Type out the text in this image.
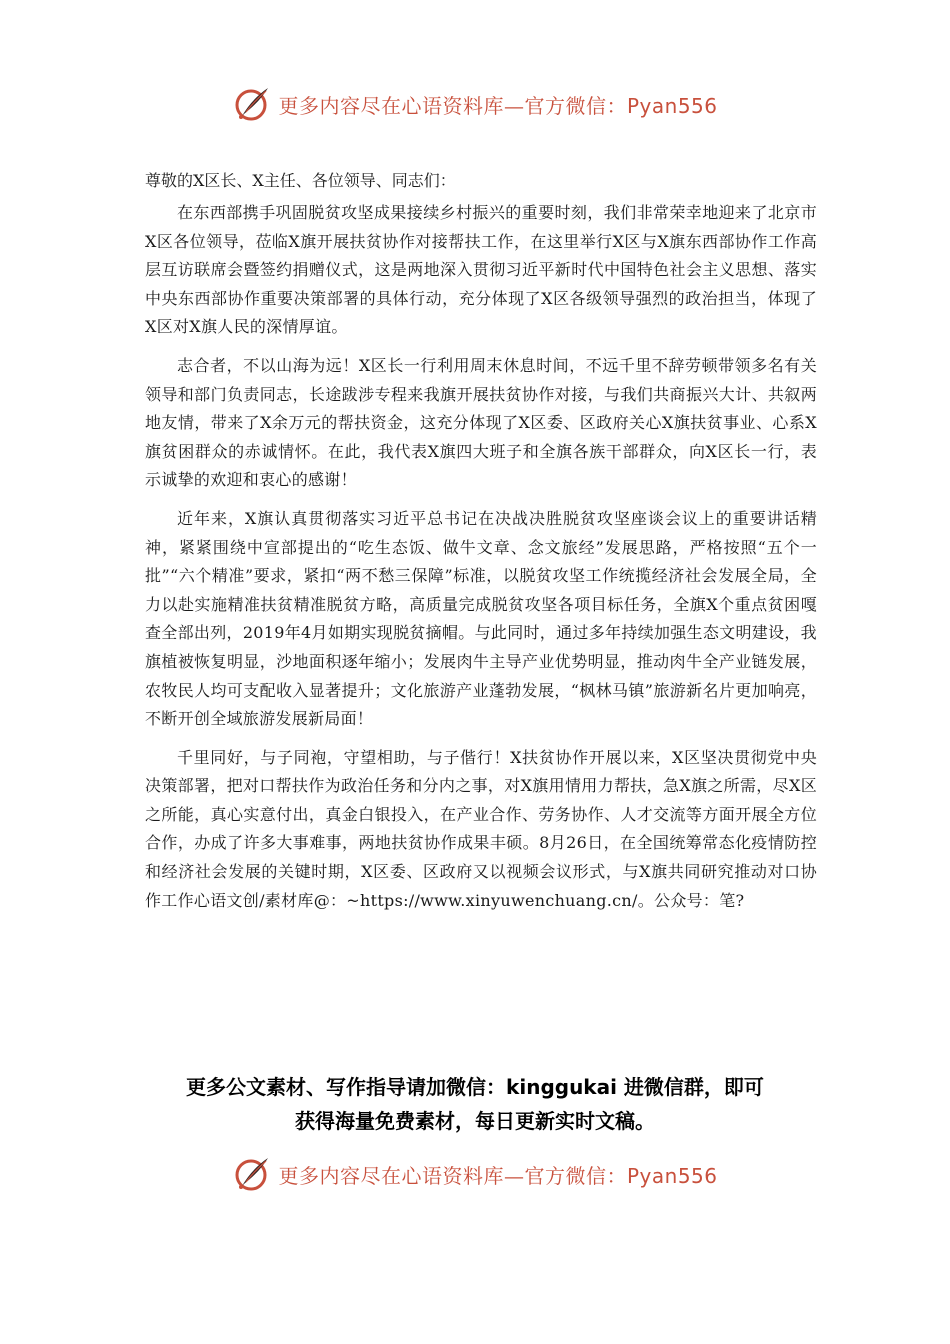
更多内容尽在心语资料库—官方微信：Pyan556

尊敬的X区长、X主任、各位领导、同志们：

在东西部携手巩固脱贫攻坚成果接续乡村振兴的重要时刻，我们非常荣幸地迎来了北京市X区各位领导，莅临X旗开展扶贫协作对接帮扶工作，在这里举行X区与X旗东西部协作工作高层互访联席会暨签约捐赠仪式，这是两地深入贯彻习近平新时代中国特色社会主义思想、落实中央东西部协作重要决策部署的具体行动，充分体现了X区各级领导强烈的政治担当，体现了X区对X旗人民的深情厚谊。

志合者，不以山海为远！X区长一行利用周末休息时间，不远千里不辞劳顿带领多名有关领导和部门负责同志，长途跋涉专程来我旗开展扶贫协作对接，与我们共商振兴大计、共叙两地友情，带来了X余万元的帮扶资金，这充分体现了X区委、区政府关心X旗扶贫事业、心系X旗贫困群众的赤诚情怀。在此，我代表X旗四大班子和全旗各族干部群众，向X区长一行，表示诚挚的欢迎和衷心的感谢！

近年来，X旗认真贯彻落实习近平总书记在决战决胜脱贫攻坚座谈会议上的重要讲话精神，紧紧围绕中宣部提出的“吃生态饭、做牛文章、念文旅经”发展思路，严格按照“五个一批”“六个精准”要求，紧扣“两不愁三保障”标准，以脱贫攻坚工作统揽经济社会发展全局，全力以赴实施精准扶贫精准脱贫方略，高质量完成脱贫攻坚各项目标任务，全旗X个重点贫困嘎查全部出列，2019年4月如期实现脱贫摘帽。与此同时，通过多年持续加强生态文明建设，我旗植被恢复明显，沙地面积逐年缩小；发展肉牛主导产业优势明显，推动肉牛全产业链发展，农牧民人均可支配收入显著提升；文化旅游产业蓬勃发展，“枫林马镇”旅游新名片更加响亮，不断开创全域旅游发展新局面！

千里同好，与子同袍，守望相助，与子偕行！X扶贫协作开展以来，X区坚决贯彻党中央决策部署，把对口帮扶作为政治任务和分内之事，对X旗用情用力帮扶，急X旗之所需，尽X区之所能，真心实意付出，真金白银投入，在产业合作、劳务协作、人才交流等方面开展全方位合作，办成了许多大事难事，两地扶贫协作成果丰硕。8月26日，在全国统筹常态化疫情防控和经济社会发展的关键时期，X区委、区政府又以视频会议形式，与X旗共同研究推动对口协作工作心语文创/素材库@：~https://www.xinyuwenchuang.cn/。公众号：笔?

更多公文素材、写作指导请加微信：kinggukai 进微信群，即可
获得海量免费素材，每日更新实时文稿。
更多内容尽在心语资料库—官方微信：Pyan556
